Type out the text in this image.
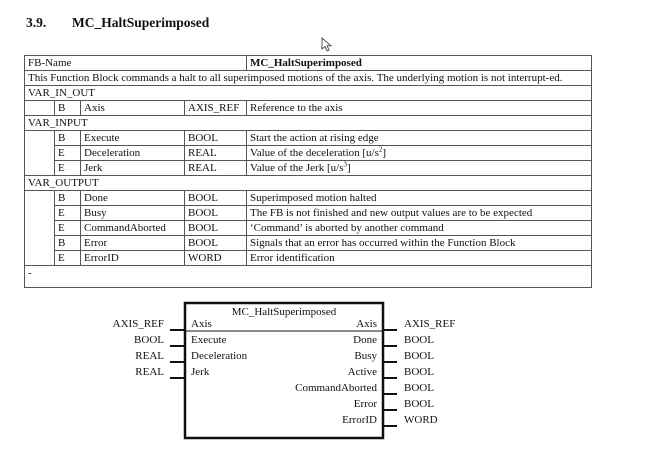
3.9. MC_HaltSuperimposed
FB-Name				MC_HaltSuperimposed
This Function Block commands a halt to all superimposed motions of the axis. The underlying motion is not interrupt-ed.				
VAR_IN_OUT				
	B	Axis	AXIS_REF	Reference to the axis
VAR_INPUT				
	B	Execute	BOOL	Start the action at rising edge
	E	Deceleration	REAL	Value of the deceleration $[u/s^2]$
	E	Jerk	REAL	Value of the Jerk $[u/s^3]$
VAR_OUTPUT				
	B	Done	BOOL	Superimposed motion halted
	E	Busy	BOOL	The FB is not finished and new output values are to be expected
	E	CommandAborted	BOOL	‘Command’ is aborted by another command
	B	Error	BOOL	Signals that an error has occurred within the Function Block
	E	ErrorID	WORD	Error identification
-				
MC_HaltSuperimposed
AXIS_REF Axis
BOOL Execute
REAL Deceleration
REAL Jerk
Axis AXIS_REF
Done BOOL
Busy BOOL
Active BOOL
CommandAborted BOOL
Error BOOL
ErrorID WORD
